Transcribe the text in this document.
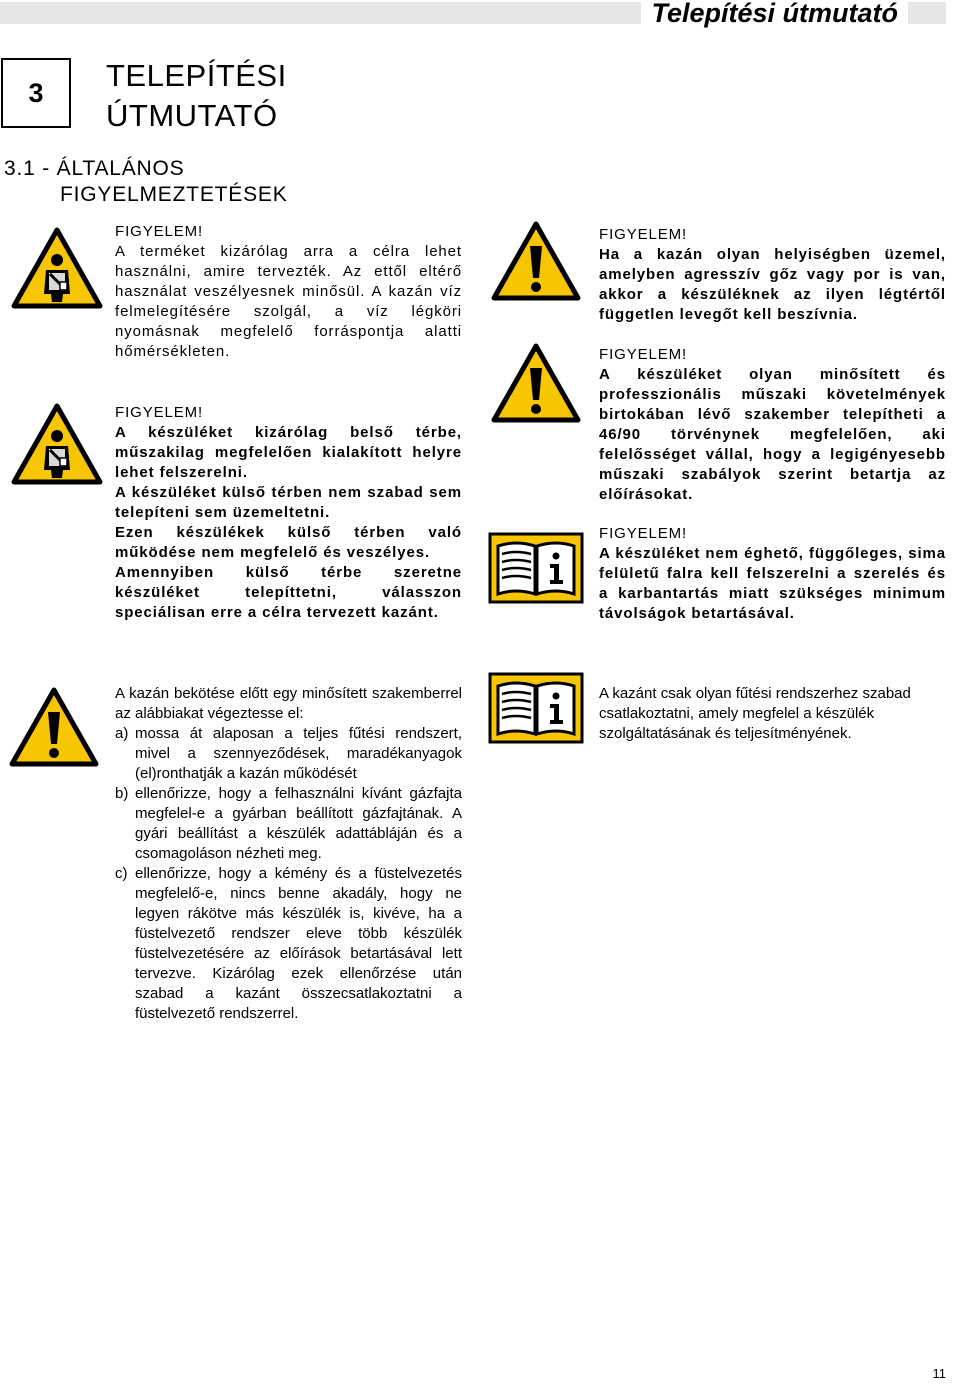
Telepítési útmutató
3	TELEPÍTÉSI
ÚTMUTATÓ
3.1 - ÁLTALÁNOS
FIGYELMEZTETÉSEK

FIGYELEM!

A terméket kizárólag arra a célra lehet használni, amire tervezték. Az ettől eltérő használat veszélyesnek minősül. A kazán víz felmelegítésére szolgál, a víz légköri nyomásnak megfelelő forráspontja alatti hőmérsékleten.

FIGYELEM!

A készüléket kizárólag belső térbe, műszakilag megfelelően kialakított helyre lehet felszerelni.

A készüléket külső térben nem szabad sem telepíteni sem üzemeltetni.

Ezen készülékek külső térben való működése nem megfelelő és veszélyes.

Amennyiben külső térbe szeretne készüléket telepíttetni, válasszon speciálisan erre a célra tervezett kazánt.

FIGYELEM!

Ha a kazán olyan helyiségben üzemel, amelyben agresszív gőz vagy por is van, akkor a készüléknek az ilyen légtértől független levegőt kell beszívnia.

FIGYELEM!

A készüléket olyan minősített és professzionális műszaki követelmények birtokában lévő szakember telepítheti a 46/90 törvénynek megfelelően, aki felelősséget vállal, hogy a legigényesebb műszaki szabályok szerint betartja az előírásokat.

FIGYELEM!

A készüléket nem éghető, függőleges, sima felületű falra kell felszerelni a szerelés és a karbantartás miatt szükséges minimum távolságok betartásával.

A kazán bekötése előtt egy minősített szakemberrel az alábbiakat végeztesse el:

a) mossa át alaposan a teljes fűtési rendszert, mivel a szennyeződések, maradékanyagok (el)ronthatják a kazán működését
b) ellenőrizze, hogy a felhasználni kívánt gázfajta megfelel-e a gyárban beállított gázfajtának. A gyári beállítást a készülék adattábláján és a csomagoláson nézheti meg.
c) ellenőrizze, hogy a kémény és a füstelvezetés megfelelő-e, nincs benne akadály, hogy ne legyen rákötve más készülék is, kivéve, ha a füstelvezető rendszer eleve több készülék füstelvezetésére az előírások betartásával lett tervezve. Kizárólag ezek ellenőrzése után szabad a kazánt összecsatlakoztatni a füstelvezető rendszerrel.

A kazánt csak olyan fűtési rendszerhez szabad csatlakoztatni, amely megfelel a készülék szolgáltatásának és teljesítményének.

11
